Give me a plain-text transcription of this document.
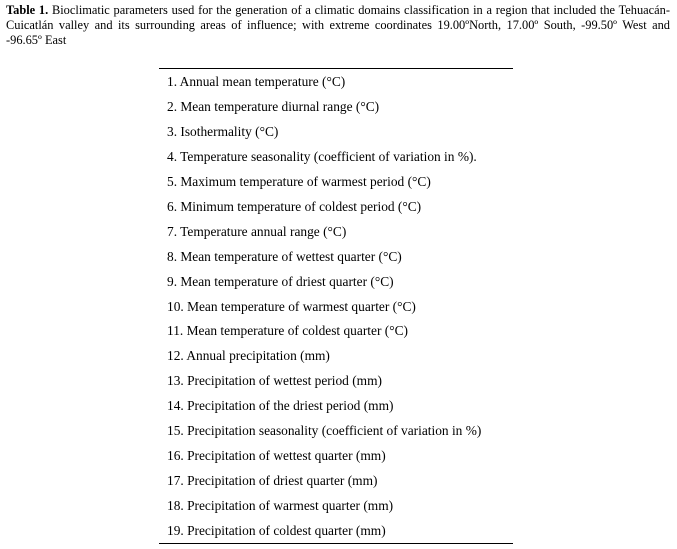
Table 1. Bioclimatic parameters used for the generation of a climatic domains classification in a region that included the Tehuacán-Cuicatlán valley and its surrounding areas of influence; with extreme coordinates 19.00ºNorth, 17.00º South, -99.50º West and -96.65º East

1. Annual mean temperature (°C)
2. Mean temperature diurnal range (°C)
3. Isothermality (°C)
4. Temperature seasonality (coefficient of variation in %).
5. Maximum temperature of warmest period (°C)
6. Minimum temperature of coldest period (°C)
7. Temperature annual range (°C)
8. Mean temperature of wettest quarter (°C)
9. Mean temperature of driest quarter (°C)
10. Mean temperature of warmest quarter (°C)
11. Mean temperature of coldest quarter (°C)
12. Annual precipitation (mm)
13. Precipitation of wettest period (mm)
14. Precipitation of the driest period (mm)
15. Precipitation seasonality (coefficient of variation in %)
16. Precipitation of wettest quarter (mm)
17. Precipitation of driest quarter (mm)
18. Precipitation of warmest quarter (mm)
19. Precipitation of coldest quarter (mm)
